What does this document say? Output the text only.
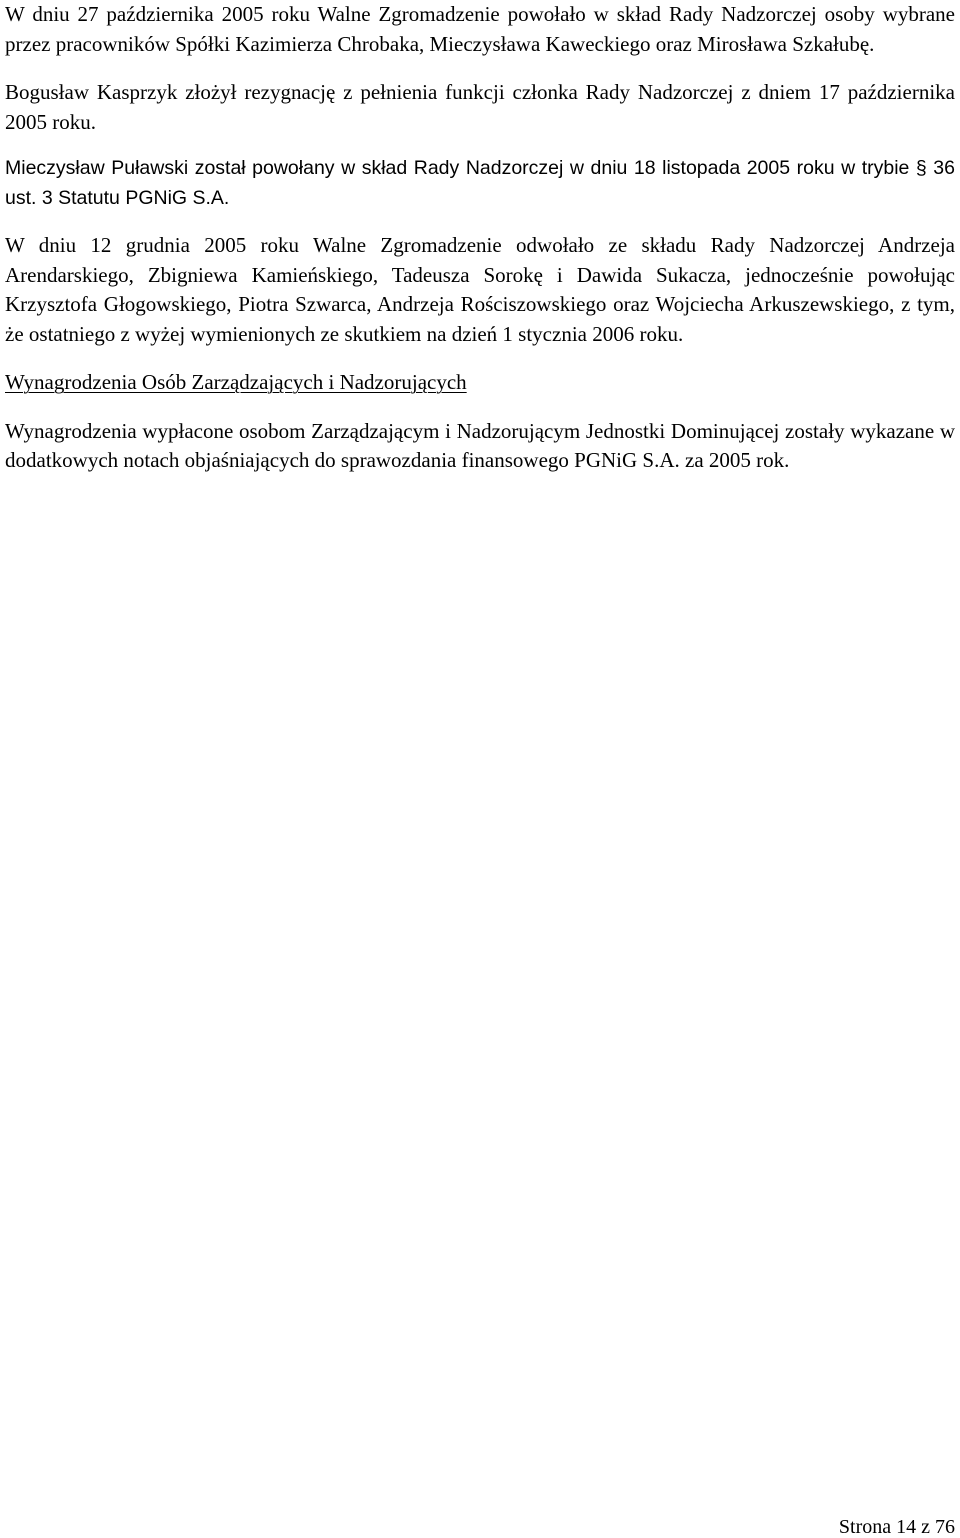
W dniu 27 października 2005 roku Walne Zgromadzenie powołało w skład Rady Nadzorczej osoby wybrane przez pracowników Spółki Kazimierza Chrobaka, Mieczysława Kaweckiego oraz Mirosława Szkałubę.

Bogusław Kasprzyk złożył rezygnację z pełnienia funkcji członka Rady Nadzorczej z dniem 17 października 2005 roku.

Mieczysław Puławski został powołany w skład Rady Nadzorczej w dniu 18 listopada 2005 roku w trybie § 36 ust. 3 Statutu PGNiG S.A.

W dniu 12 grudnia 2005 roku Walne Zgromadzenie odwołało ze składu Rady Nadzorczej Andrzeja Arendarskiego, Zbigniewa Kamieńskiego, Tadeusza Sorokę i Dawida Sukacza, jednocześnie powołując Krzysztofa Głogowskiego, Piotra Szwarca, Andrzeja Rościszowskiego oraz Wojciecha Arkuszewskiego, z tym, że ostatniego z wyżej wymienionych ze skutkiem na dzień 1 stycznia 2006 roku.

Wynagrodzenia Osób Zarządzających i Nadzorujących

Wynagrodzenia wypłacone osobom Zarządzającym i Nadzorującym Jednostki Dominującej zostały wykazane w dodatkowych notach objaśniających do sprawozdania finansowego PGNiG S.A. za 2005 rok.

Strona 14 z 76
